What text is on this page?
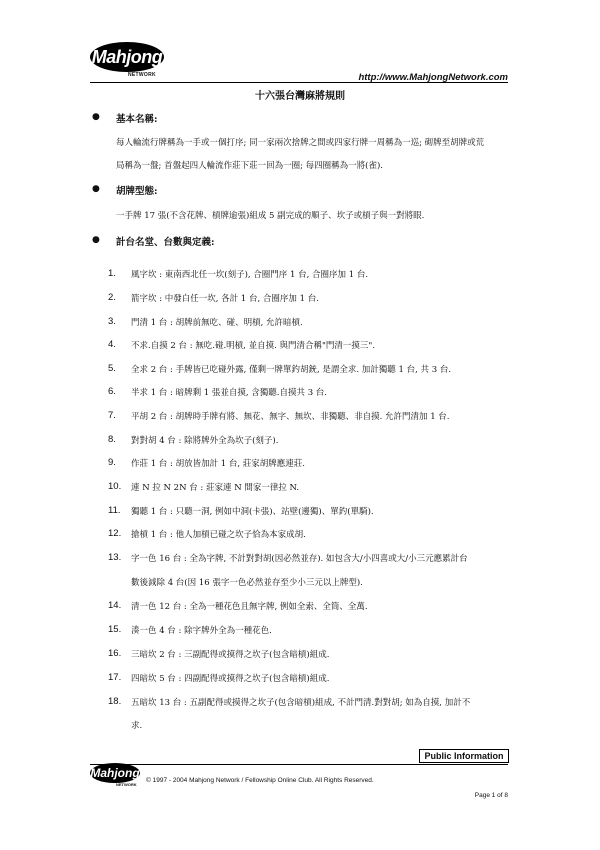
Mahjong
NETWORK	http://www.MahjongNetwork.com
十六張台灣麻將規則
● 基本名稱:
每人輪流行牌稱為一手或一個打序; 同一家兩次捨牌之間或四家行牌一周稱為一巡; 砌牌至胡牌或荒
局稱為一盤; 首盤起四人輪流作莊下莊一回為一圈; 每四圈稱為一將(雀).
● 胡牌型態:
一手牌 17 張(不含花牌、槓牌逾張)組成 5 副完成的順子、坎子或槓子與一對將眼.
● 計台名堂、台數與定義:
1. 風字坎 : 東南西北任一坎(刻子), 合圈門序 1 台, 合圈序加 1 台.
2. 箭字坎 : 中發白任一坎, 各計 1 台, 合圈序加 1 台.
3. 門清 1 台 : 胡牌前無吃、碰、明槓, 允許暗槓.
4. 不求.自摸 2 台 : 無吃.碰.明槓, 並自摸. 與門清合稱"門清一摸三".
5. 全求 2 台 : 手牌皆已吃碰外露, 僅剩一牌單釣胡銃, 是謂全求. 加計獨聽 1 台, 共 3 台.
6. 半求 1 台 : 暗牌剩 1 張並自摸, 含獨聽.自摸共 3 台.
7. 平胡 2 台 : 胡牌時手牌有將、無花、無字、無坎、非獨聽、非自摸. 允許門清加 1 台.
8. 對對胡 4 台 : 除將牌外全為坎子(刻子).
9. 作莊 1 台 : 胡放皆加計 1 台, 莊家胡牌應連莊.
10. 連 N 拉 N 2N 台 : 莊家連 N 間家一律拉 N.
11. 獨聽 1 台 : 只聽一洞, 例如中洞(卡張)、站壁(邊獨)、單釣(單騎).
12. 搶槓 1 台 : 他人加槓已碰之坎子恰為本家成胡.
13. 字一色 16 台 : 全為字牌, 不計對對胡(因必然並存). 如包含大/小四喜或大/小三元應累計台
數後減除 4 台(因 16 張字一色必然並存至少小三元以上牌型).
14. 清一色 12 台 : 全為一種花色且無字牌, 例如全索、全筒、全萬.
15. 湊一色 4 台 : 除字牌外全為一種花色.
16. 三暗坎 2 台 : 三副配得或摸得之坎子(包含暗槓)組成.
17. 四暗坎 5 台 : 四副配得或摸得之坎子(包含暗槓)組成.
18. 五暗坎 13 台 : 五副配得或摸得之坎子(包含暗槓)組成, 不計門清.對對胡; 如為自摸, 加計不
求.
Public Information
Mahjong
NETWORK
© 1997 - 2004 Mahjong Network / Fellowship Online Club. All Rights Reserved.
Page 1 of 8
